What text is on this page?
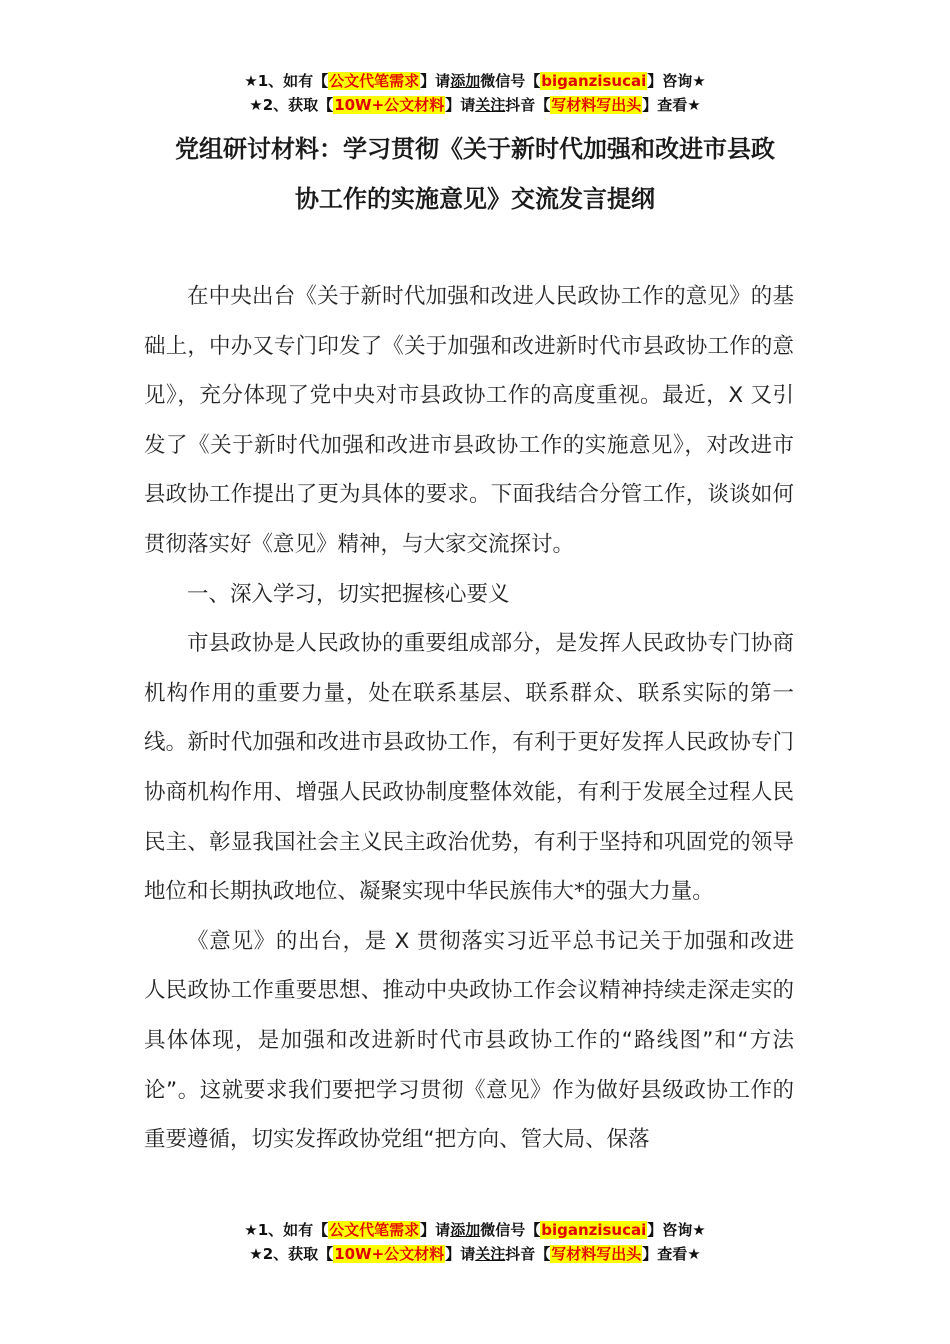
★1、如有【公文代笔需求】请添加微信号【biganzisucai】咨询★
★2、获取【10W+公文材料】请关注抖音【写材料写出头】查看★
党组研讨材料：学习贯彻《关于新时代加强和改进市县政
协工作的实施意见》交流发言提纲

在中央出台《关于新时代加强和改进人民政协工作的意见》的基础上，中办又专门印发了《关于加强和改进新时代市县政协工作的意见》，充分体现了党中央对市县政协工作的高度重视。最近，X 又引发了《关于新时代加强和改进市县政协工作的实施意见》，对改进市县政协工作提出了更为具体的要求。下面我结合分管工作，谈谈如何贯彻落实好《意见》精神，与大家交流探讨。

一、深入学习，切实把握核心要义

市县政协是人民政协的重要组成部分，是发挥人民政协专门协商机构作用的重要力量，处在联系基层、联系群众、联系实际的第一线。新时代加强和改进市县政协工作，有利于更好发挥人民政协专门协商机构作用、增强人民政协制度整体效能，有利于发展全过程人民民主、彰显我国社会主义民主政治优势，有利于坚持和巩固党的领导地位和长期执政地位、凝聚实现中华民族伟大*的强大力量。

《意见》的出台，是 X 贯彻落实习近平总书记关于加强和改进人民政协工作重要思想、推动中央政协工作会议精神持续走深走实的具体体现，是加强和改进新时代市县政协工作的“路线图”和“方法论”。这就要求我们要把学习贯彻《意见》作为做好县级政协工作的重要遵循，切实发挥政协党组“把方向、管大局、保落

★1、如有【公文代笔需求】请添加微信号【biganzisucai】咨询★
★2、获取【10W+公文材料】请关注抖音【写材料写出头】查看★
